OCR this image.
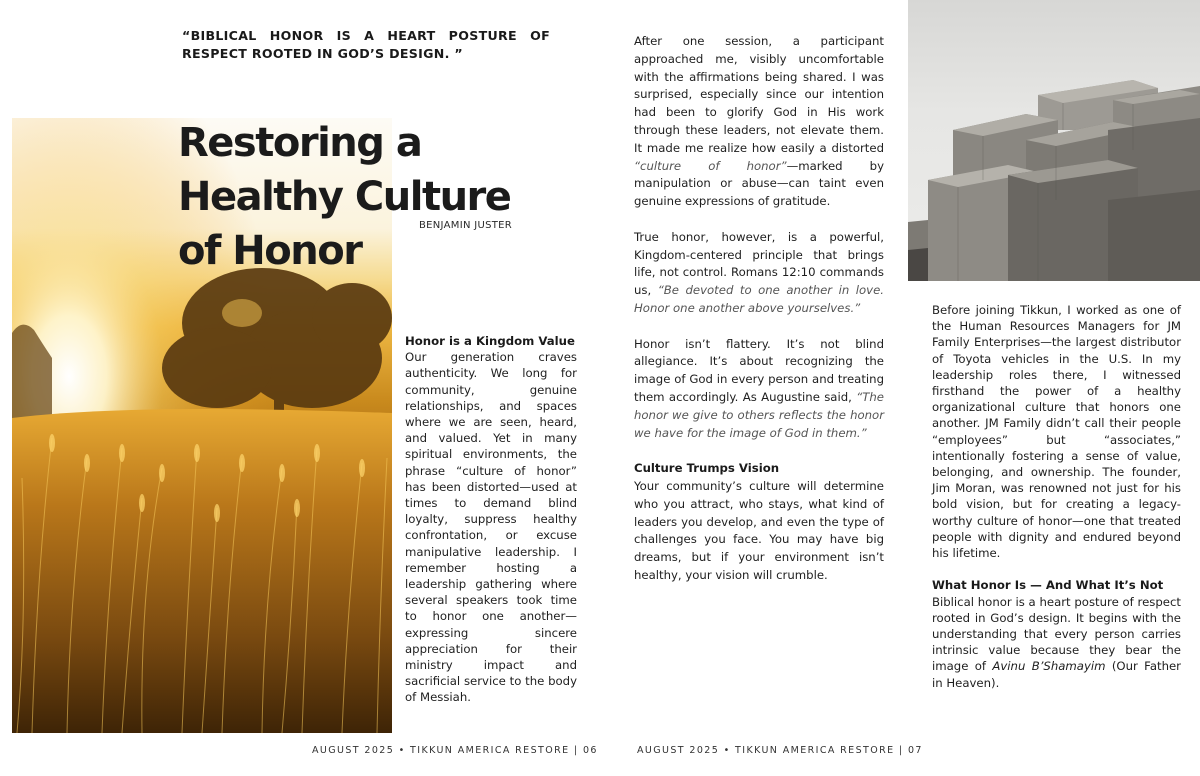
“BIBLICAL HONOR IS A HEART POSTURE OF RESPECT ROOTED IN GOD’S DESIGN. ”
Restoring a
Healthy Culture
of Honor
BENJAMIN JUSTER

Honor is a Kingdom Value

Our generation craves authenticity. We long for community, genuine relationships, and spaces where we are seen, heard, and valued. Yet in many spiritual environments, the phrase “culture of honor” has been distorted—used at times to demand blind loyalty, suppress healthy confrontation, or excuse manipulative leadership. I remember hosting a leadership gathering where several speakers took time to honor one another—expressing sincere appreciation for their ministry impact and sacrificial service to the body of Messiah.

After one session, a participant approached me, visibly uncomfortable with the affirmations being shared. I was surprised, especially since our intention had been to glorify God in His work through these leaders, not elevate them. It made me realize how easily a distorted “culture of honor”—marked by manipulation or abuse—can taint even genuine expressions of gratitude.

True honor, however, is a powerful, Kingdom-centered principle that brings life, not control. Romans 12:10 commands us, “Be devoted to one another in love. Honor one another above yourselves.”

Honor isn’t flattery. It’s not blind allegiance. It’s about recognizing the image of God in every person and treating them accordingly. As Augustine said, “The honor we give to others reflects the honor we have for the image of God in them.”

Culture Trumps Vision

Your community’s culture will determine who you attract, who stays, what kind of leaders you develop, and even the type of challenges you face. You may have big dreams, but if your environment isn’t healthy, your vision will crumble.

Before joining Tikkun, I worked as one of the Human Resources Managers for JM Family Enterprises—the largest distributor of Toyota vehicles in the U.S. In my leadership roles there, I witnessed firsthand the power of a healthy organizational culture that honors one another. JM Family didn’t call their people “employees” but “associates,” intentionally fostering a sense of value, belonging, and ownership. The founder, Jim Moran, was renowned not just for his bold vision, but for creating a legacy-worthy culture of honor—one that treated people with dignity and endured beyond his lifetime.

What Honor Is — And What It’s Not

Biblical honor is a heart posture of respect rooted in God’s design. It begins with the understanding that every person carries intrinsic value because they bear the image of Avinu B’Shamayim (Our Father in Heaven).

AUGUST 2025 • TIKKUN AMERICA RESTORE | 06	AUGUST 2025 • TIKKUN AMERICA RESTORE | 07
